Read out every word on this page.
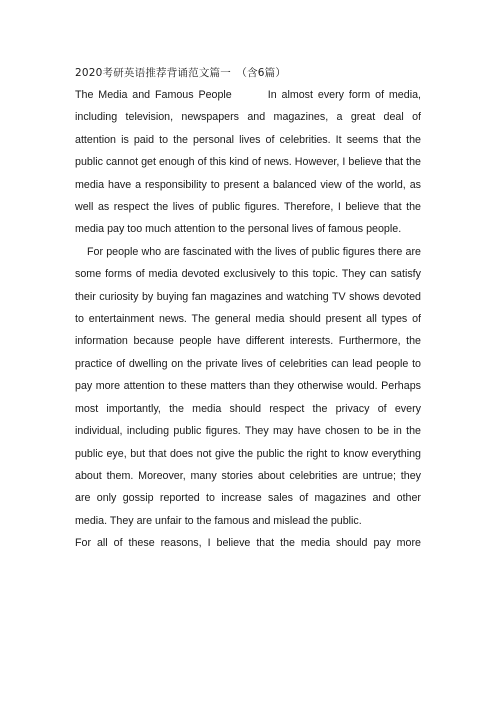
2020考研英语推荐背诵范文篇一　（含6篇）

The Media and Famous People	In almost every form of media, including television, newspapers and magazines, a great deal of attention is paid to the personal lives of celebrities. It seems that the public cannot get enough of this kind of news. However, I believe that the media have a responsibility to present a balanced view of the world, as well as respect the lives of public figures. Therefore, I believe that the media pay too much attention to the personal lives of famous people.

For people who are fascinated with the lives of public figures there are some forms of media devoted exclusively to this topic. They can satisfy their curiosity by buying fan magazines and watching TV shows devoted to entertainment news. The general media should present all types of information because people have different interests. Furthermore, the practice of dwelling on the private lives of celebrities can lead people to pay more attention to these matters than they otherwise would. Perhaps most importantly, the media should respect the privacy of every individual, including public figures. They may have chosen to be in the public eye, but that does not give the public the right to know everything about them. Moreover, many stories about celebrities are untrue; they are only gossip reported to increase sales of magazines and other media. They are unfair to the famous and mislead the public.

For all of these reasons, I believe that the media should pay more
